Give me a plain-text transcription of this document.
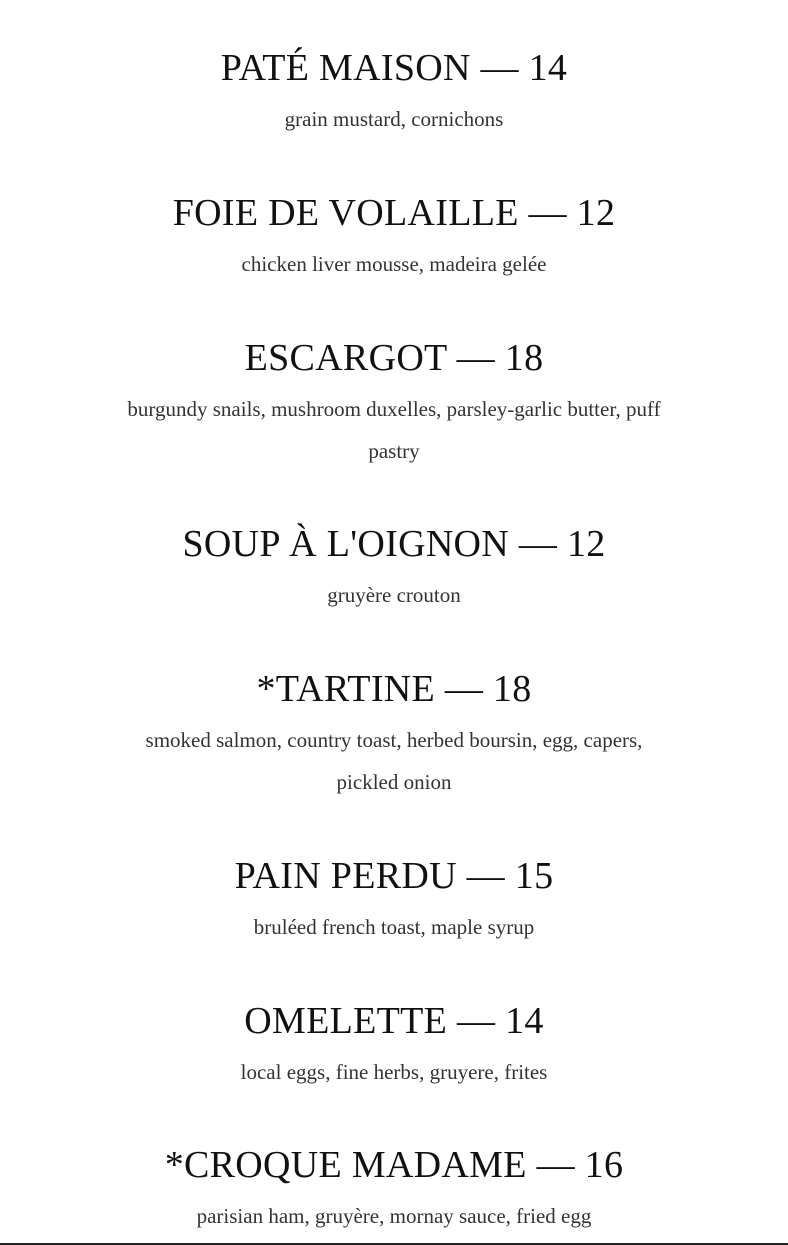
PATÉ MAISON — 14

grain mustard, cornichons

FOIE DE VOLAILLE — 12

chicken liver mousse, madeira gelée

ESCARGOT — 18

burgundy snails, mushroom duxelles, parsley-garlic butter, puff pastry

SOUP À L'OIGNON — 12

gruyère crouton

*TARTINE — 18

smoked salmon, country toast, herbed boursin, egg, capers, pickled onion

PAIN PERDU — 15

bruléed french toast, maple syrup

OMELETTE — 14

local eggs, fine herbs, gruyere, frites

*CROQUE MADAME — 16

parisian ham, gruyère, mornay sauce, fried egg
